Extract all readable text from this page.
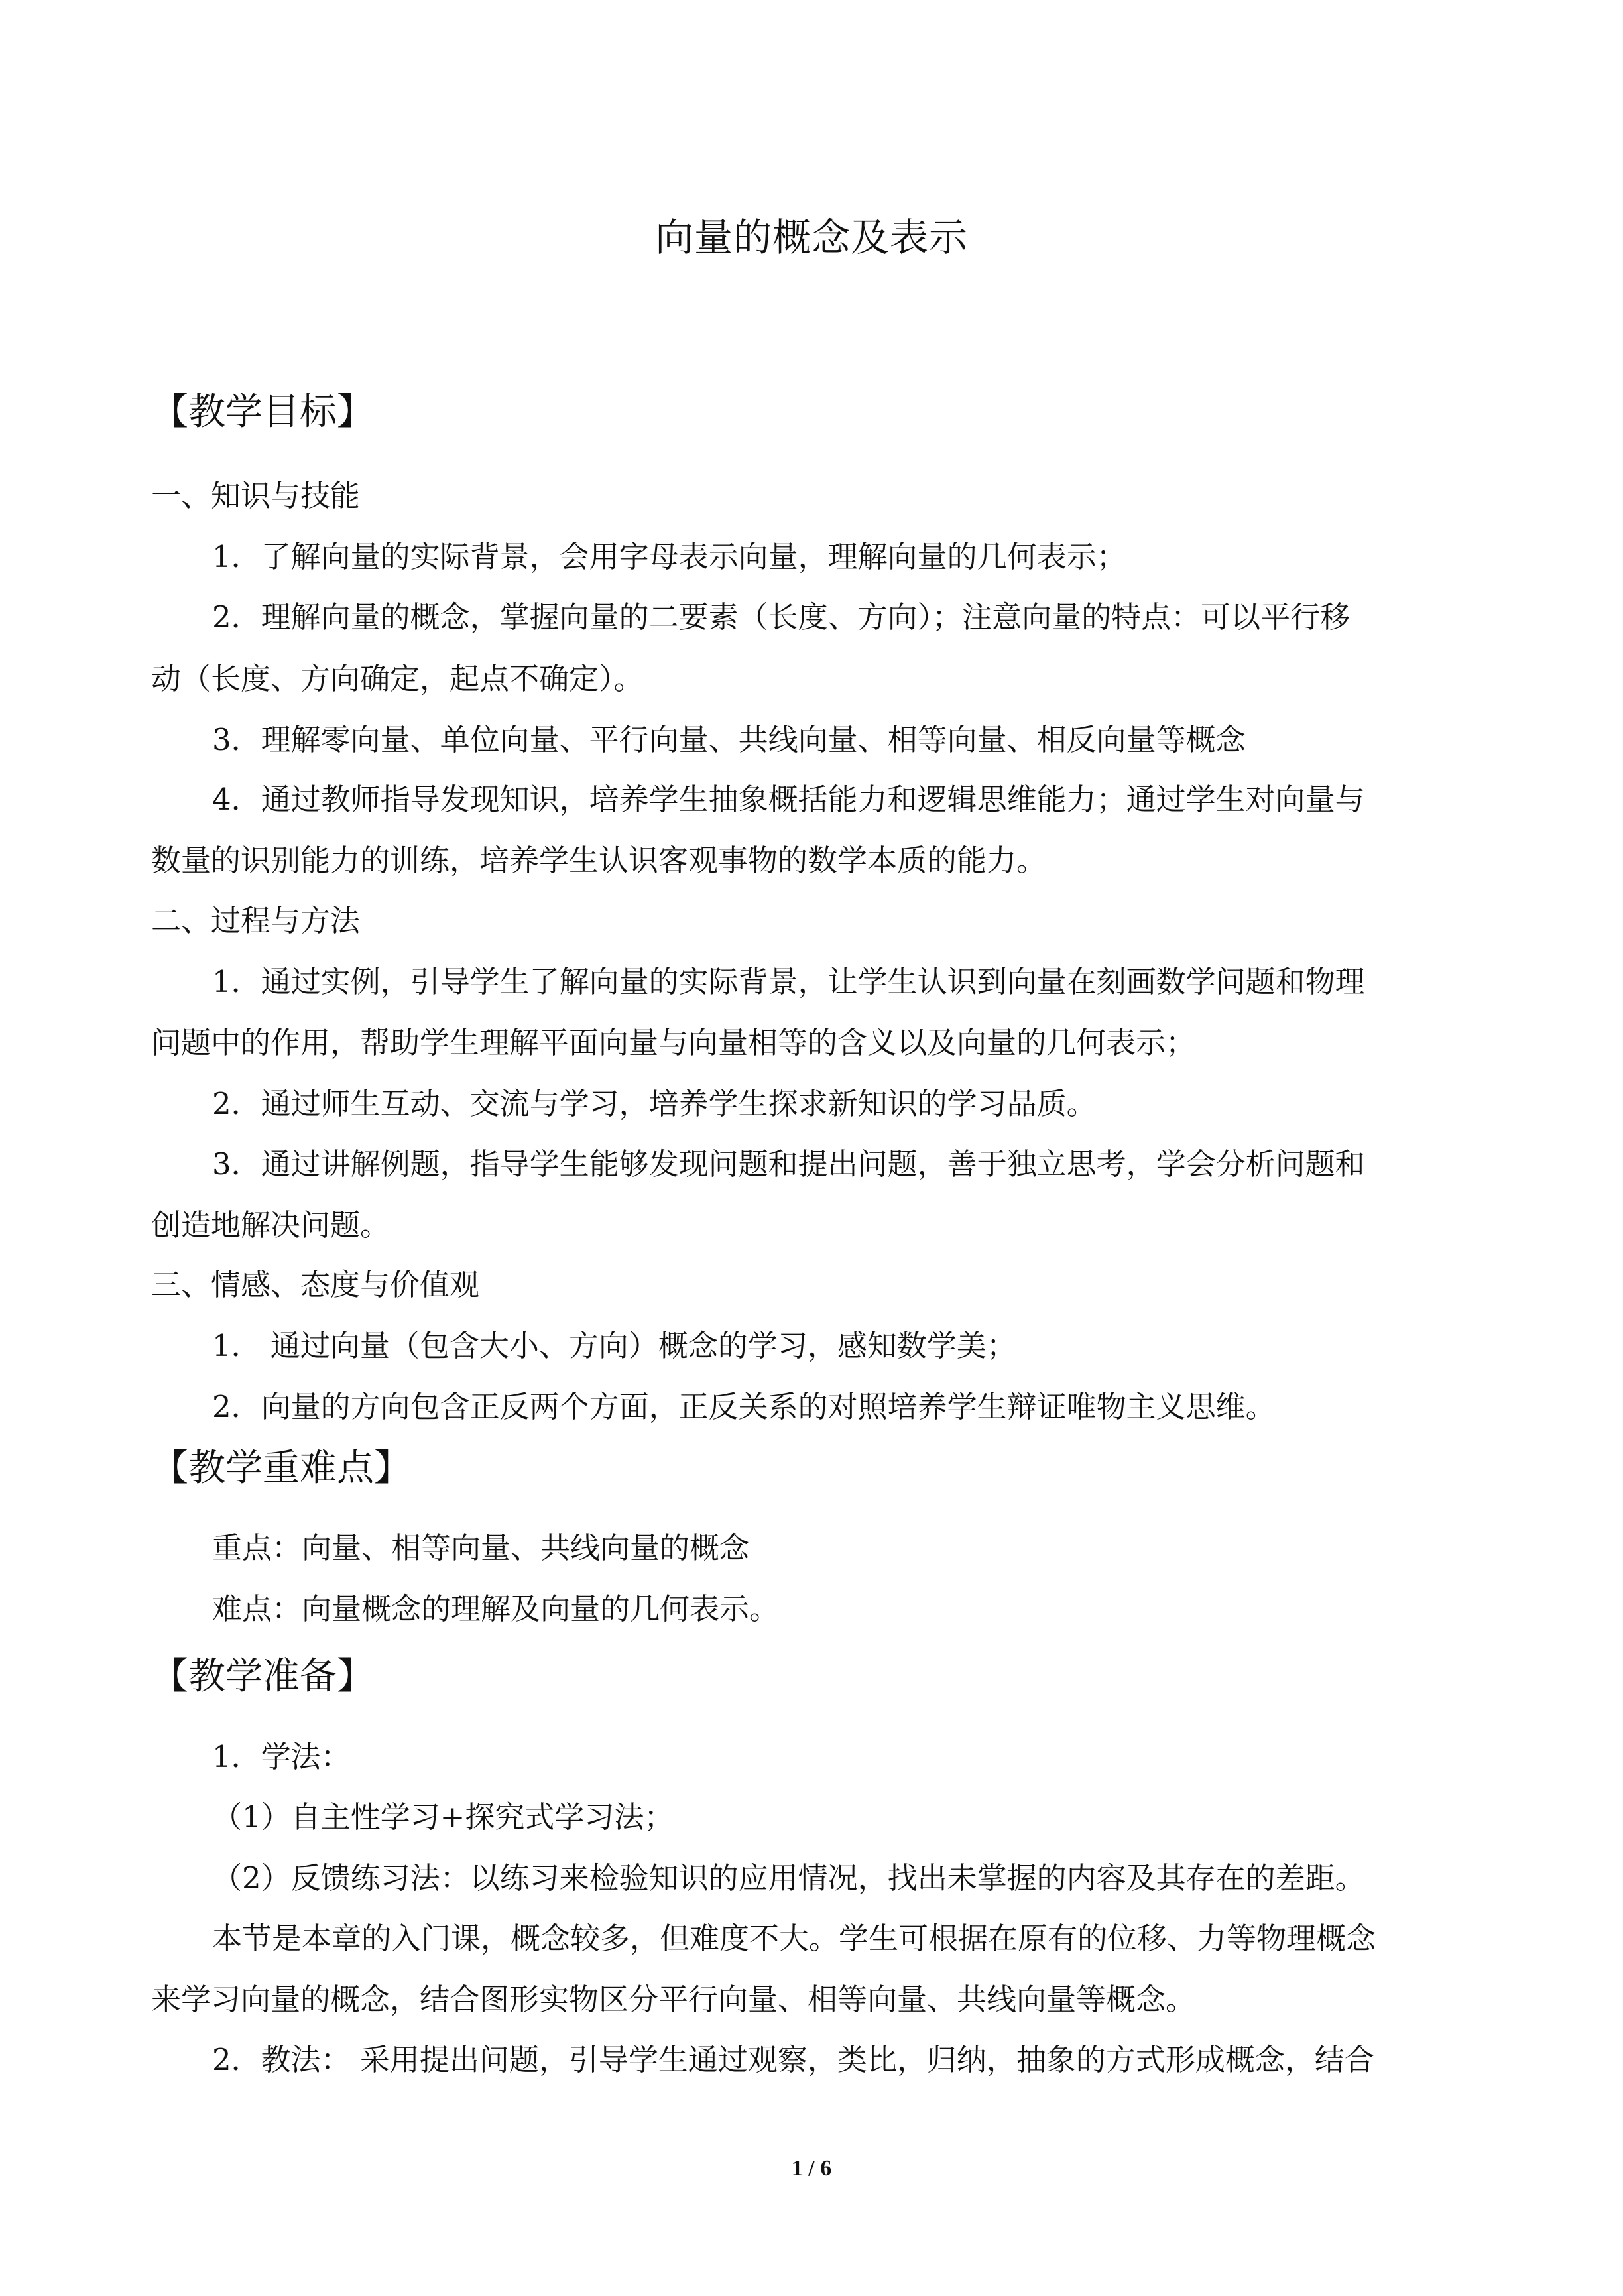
向量的概念及表示
【教学目标】
一、知识与技能
1．了解向量的实际背景，会用字母表示向量，理解向量的几何表示；
2．理解向量的概念，掌握向量的二要素（长度、方向）；注意向量的特点：可以平行移
动（长度、方向确定，起点不确定）。
3．理解零向量、单位向量、平行向量、共线向量、相等向量、相反向量等概念
4．通过教师指导发现知识，培养学生抽象概括能力和逻辑思维能力；通过学生对向量与
数量的识别能力的训练，培养学生认识客观事物的数学本质的能力。
二、过程与方法
1．通过实例，引导学生了解向量的实际背景，让学生认识到向量在刻画数学问题和物理
问题中的作用，帮助学生理解平面向量与向量相等的含义以及向量的几何表示；
2．通过师生互动、交流与学习，培养学生探求新知识的学习品质。
3．通过讲解例题，指导学生能够发现问题和提出问题，善于独立思考，学会分析问题和
创造地解决问题。
三、情感、态度与价值观
1． 通过向量（包含大小、方向）概念的学习，感知数学美；
2．向量的方向包含正反两个方面，正反关系的对照培养学生辩证唯物主义思维。
【教学重难点】
重点：向量、相等向量、共线向量的概念
难点：向量概念的理解及向量的几何表示。
【教学准备】
1．学法：
（1）自主性学习+探究式学习法；
（2）反馈练习法：以练习来检验知识的应用情况，找出未掌握的内容及其存在的差距。
本节是本章的入门课，概念较多，但难度不大。学生可根据在原有的位移、力等物理概念
来学习向量的概念，结合图形实物区分平行向量、相等向量、共线向量等概念。
2．教法： 采用提出问题，引导学生通过观察，类比，归纳，抽象的方式形成概念，结合
1 / 6
